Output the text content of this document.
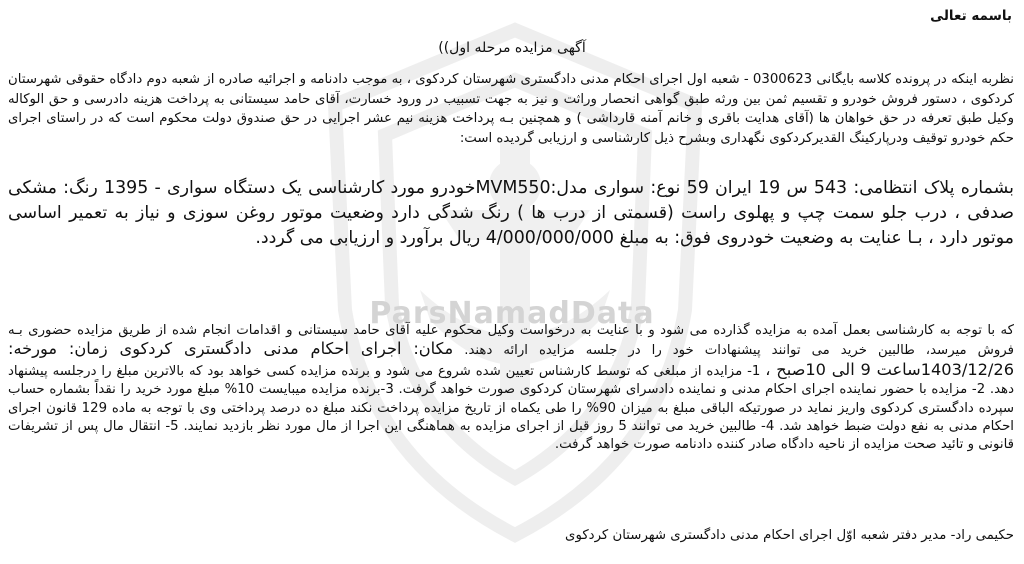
ParsNamadData
باسمه تعالی
آگهی مزایده مرحله اول))

نظربه اینکه در پرونده کلاسه بایگانی 0300623 - شعبه اول اجرای احکام مدنی دادگستری شهرستان کردکوی ، به موجب دادنامه و اجرائیه صادره از شعبه دوم دادگاه حقوقی شهرستان کردکوی ، دستور فروش خودرو و تقسیم ثمن بین ورثه طبق گواهی انحصار وراثت و نیز به جهت تسبیب در ورود خسارت، آقای حامد سیستانی به پرداخت هزینه دادرسی و حق الوکاله وکیل طبق تعرفه در حق خواهان ها (آقای هدایت باقری و خانم آمنه قارداشی ) و همچنین بـه پرداخت هزینه نیم عشر اجرایی در حق صندوق دولت محکوم است که در راستای اجرای حکم خودرو توقیف ودرپارکینگ القدیرکردکوی نگهداری وبشرح ذیل کارشناسی و ارزیابی گردیده است:

بشماره پلاک انتظامی: 543 س 19 ایران 59 نوع: سواری مدل:MVM550خودرو مورد کارشناسی یک دستگاه سواری - 1395 رنگ: مشکی صدفی ، درب جلو سمت چپ و پهلوی راست (قسمتی از درب ها ) رنگ شدگی دارد وضعیت موتور روغن سوزی و نیاز به تعمیر اساسی موتور دارد ، بـا عنایت به وضعیت خودروی فوق: به مبلغ 4/000/000/000 ریال برآورد و ارزیابی می گردد.

که با توجه به کارشناسی بعمل آمده به مزایده گذارده می شود و با عنایت به درخواست وکیل محکوم علیه آقای حامد سیستانی و اقدامات انجام شده از طریق مزایده حضوری بـه فروش میرسد، طالبین خرید می توانند پیشنهادات خود را در جلسه مزایده ارائه دهند. مکان: اجرای احکام مدنی دادگستری کردکوی زمان: مورخه: 1403/12/26ساعت 9 الی 10صبح ، 1- مزایده از مبلغی که توسط کارشناس تعیین شده شروع می شود و برنده مزایده کسی خواهد بود که بالاترین مبلغ را درجلسه پیشنهاد دهد. 2- مزایده با حضور نماینده اجرای احکام مدنی و نماینده دادسرای شهرستان کردکوی صورت خواهد گرفت. 3-برنده مزایده میبایست 10% مبلغ مورد خرید را نقداً بشماره حساب سپرده دادگستری کردکوی واریز نماید در صورتیکه الباقی مبلغ به میزان 90% را طی یکماه از تاریخ مزایده پرداخت نکند مبلغ ده درصد پرداختی وی با توجه به ماده 129 قانون اجرای احکام مدنی به نفع دولت ضبط خواهد شد. 4- طالبین خرید می توانند 5 روز قبل از اجرای مزایده به هماهنگی این اجرا از مال مورد نظر بازدید نمایند. 5- انتقال مال پس از تشریفات قانونی و تائید صحت مزایده از ناحیه دادگاه صادر کننده دادنامه صورت خواهد گرفت.

حکیمی راد- مدیر دفتر شعبه اوّل اجرای احکام مدنی دادگستری شهرستان کردکوی
